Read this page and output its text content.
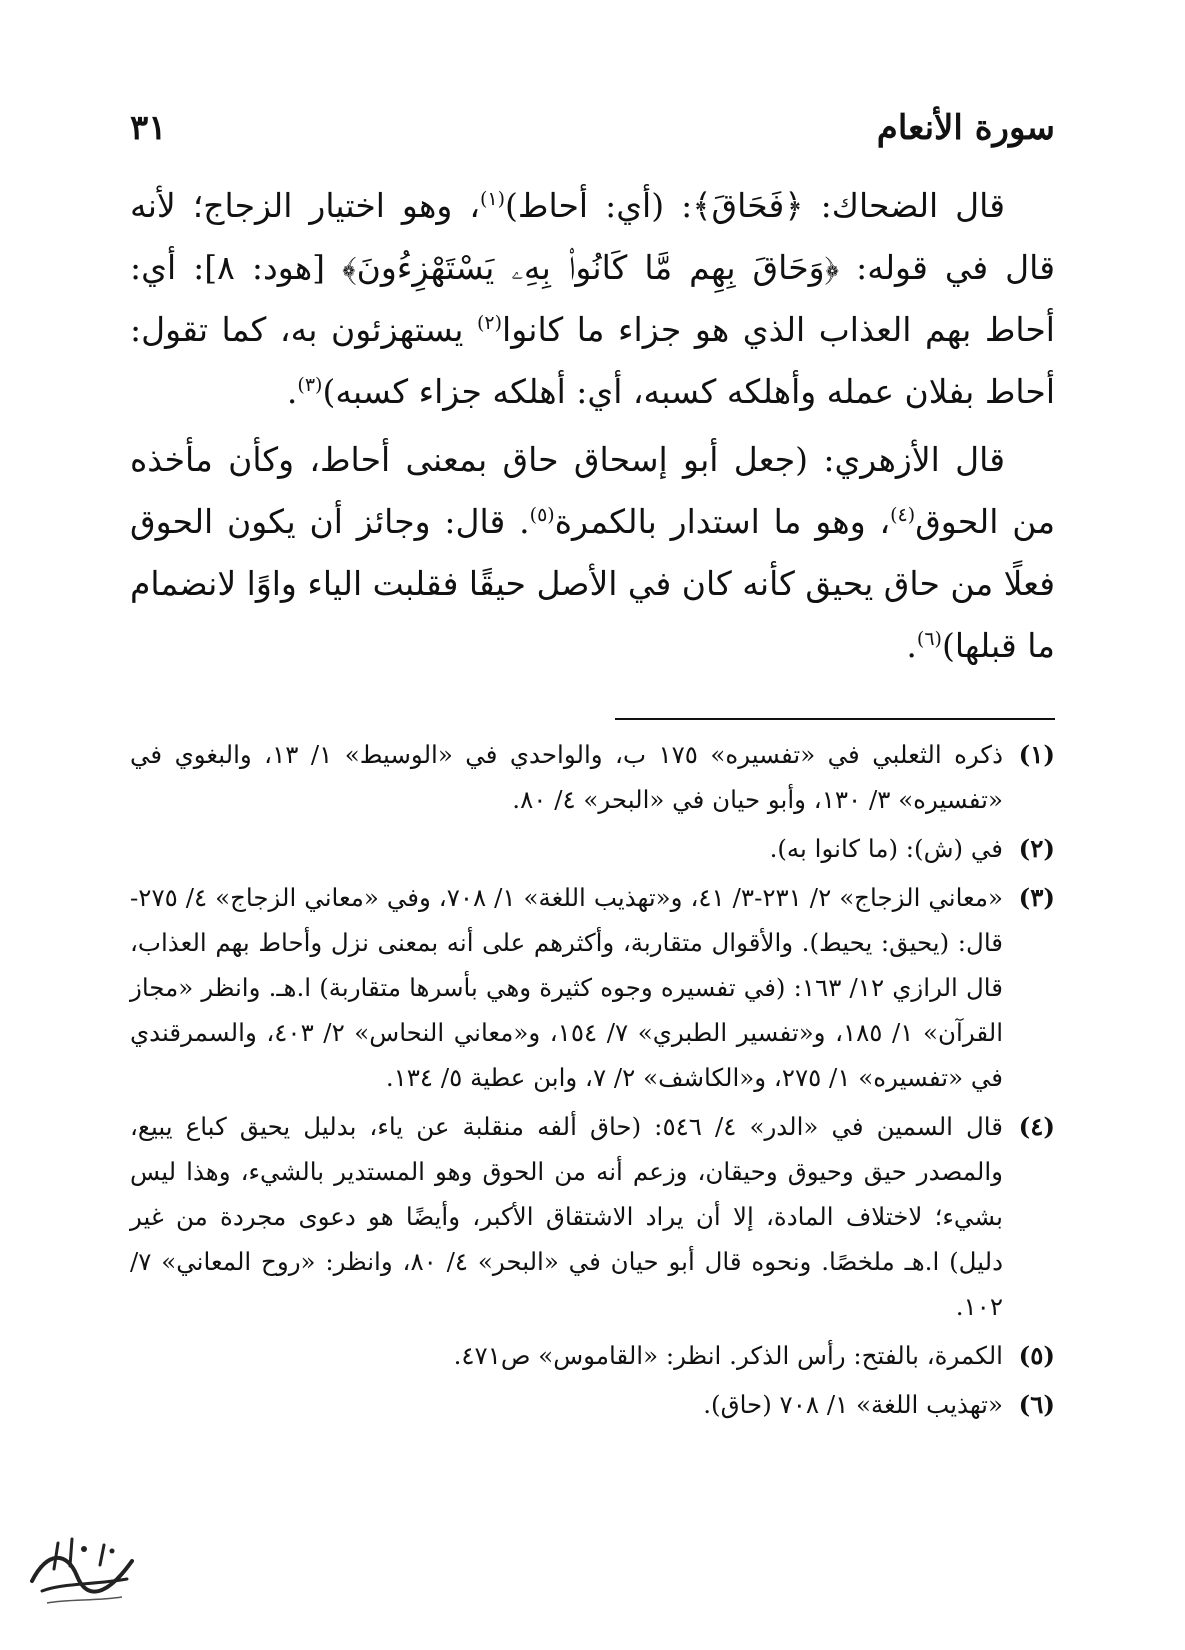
سورة الأنعام
٣١

قال الضحاك: ﴿فَحَاقَ﴾: (أي: أحاط)$^{(١)}$، وهو اختيار الزجاج؛ لأنه قال في قوله: ﴿وَحَاقَ بِهِم مَّا كَانُوا۟ بِهِۦ يَسْتَهْزِءُونَ﴾ [هود: ٨]: أي: أحاط بهم العذاب الذي هو جزاء ما كانوا$^{(٢)}$ يستهزئون به، كما تقول: أحاط بفلان عمله وأهلكه كسبه، أي: أهلكه جزاء كسبه)$^{(٣)}$.

قال الأزهري: (جعل أبو إسحاق حاق بمعنى أحاط، وكأن مأخذه من الحوق$^{(٤)}$، وهو ما استدار بالكمرة$^{(٥)}$. قال: وجائز أن يكون الحوق فعلًا من حاق يحيق كأنه كان في الأصل حيقًا فقلبت الياء واوًا لانضمام ما قبلها)$^{(٦)}$.

(١)
ذكره الثعلبي في «تفسيره» ١٧٥ ب، والواحدي في «الوسيط» ١/ ١٣، والبغوي في «تفسيره» ٣/ ١٣٠، وأبو حيان في «البحر» ٤/ ٨٠.
(٢)
في (ش): (ما كانوا به).
(٣)
«معاني الزجاج» ٢/ ٢٣١-٣/ ٤١، و«تهذيب اللغة» ١/ ٧٠٨، وفي «معاني الزجاج» ٤/ ٢٧٥- قال: (يحيق: يحيط). والأقوال متقاربة، وأكثرهم على أنه بمعنى نزل وأحاط بهم العذاب، قال الرازي ١٢/ ١٦٣: (في تفسيره وجوه كثيرة وهي بأسرها متقاربة) ا.هـ. وانظر «مجاز القرآن» ١/ ١٨٥، و«تفسير الطبري» ٧/ ١٥٤، و«معاني النحاس» ٢/ ٤٠٣، والسمرقندي في «تفسيره» ١/ ٢٧٥، و«الكاشف» ٢/ ٧، وابن عطية ٥/ ١٣٤.
(٤)
قال السمين في «الدر» ٤/ ٥٤٦: (حاق ألفه منقلبة عن ياء، بدليل يحيق كباع يبيع، والمصدر حيق وحيوق وحيقان، وزعم أنه من الحوق وهو المستدير بالشيء، وهذا ليس بشيء؛ لاختلاف المادة، إلا أن يراد الاشتقاق الأكبر، وأيضًا هو دعوى مجردة من غير دليل) ا.هـ ملخصًا. ونحوه قال أبو حيان في «البحر» ٤/ ٨٠، وانظر: «روح المعاني» ٧/ ١٠٢.
(٥)
الكمرة، بالفتح: رأس الذكر. انظر: «القاموس» ص٤٧١.
(٦)
«تهذيب اللغة» ١/ ٧٠٨ (حاق).
